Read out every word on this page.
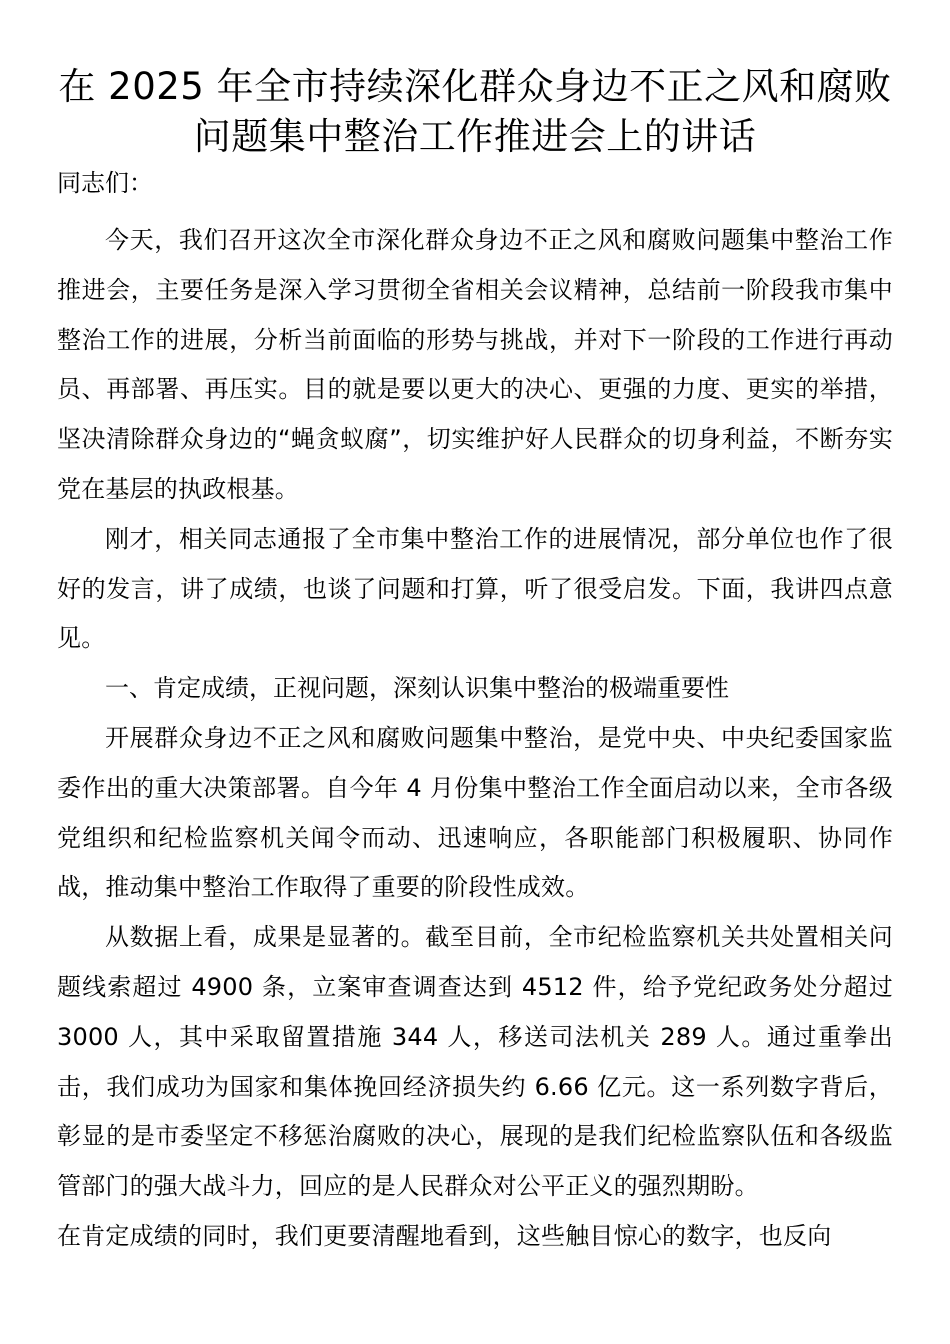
在 2025 年全市持续深化群众身边不正之风和腐败问题集中整治工作推进会上的讲话

同志们：

今天，我们召开这次全市深化群众身边不正之风和腐败问题集中整治工作推进会，主要任务是深入学习贯彻全省相关会议精神，总结前一阶段我市集中整治工作的进展，分析当前面临的形势与挑战，并对下一阶段的工作进行再动员、再部署、再压实。目的就是要以更大的决心、更强的力度、更实的举措，坚决清除群众身边的“蝇贪蚁腐”，切实维护好人民群众的切身利益，不断夯实党在基层的执政根基。

刚才，相关同志通报了全市集中整治工作的进展情况，部分单位也作了很好的发言，讲了成绩，也谈了问题和打算，听了很受启发。下面，我讲四点意见。

一、肯定成绩，正视问题，深刻认识集中整治的极端重要性

开展群众身边不正之风和腐败问题集中整治，是党中央、中央纪委国家监委作出的重大决策部署。自今年 4 月份集中整治工作全面启动以来，全市各级党组织和纪检监察机关闻令而动、迅速响应，各职能部门积极履职、协同作战，推动集中整治工作取得了重要的阶段性成效。

从数据上看，成果是显著的。截至目前，全市纪检监察机关共处置相关问题线索超过 4900 条，立案审查调查达到 4512 件，给予党纪政务处分超过 3000 人，其中采取留置措施 344 人，移送司法机关 289 人。通过重拳出击，我们成功为国家和集体挽回经济损失约 6.66 亿元。这一系列数字背后，彰显的是市委坚定不移惩治腐败的决心，展现的是我们纪检监察队伍和各级监管部门的强大战斗力，回应的是人民群众对公平正义的强烈期盼。

在肯定成绩的同时，我们更要清醒地看到，这些触目惊心的数字，也反向
